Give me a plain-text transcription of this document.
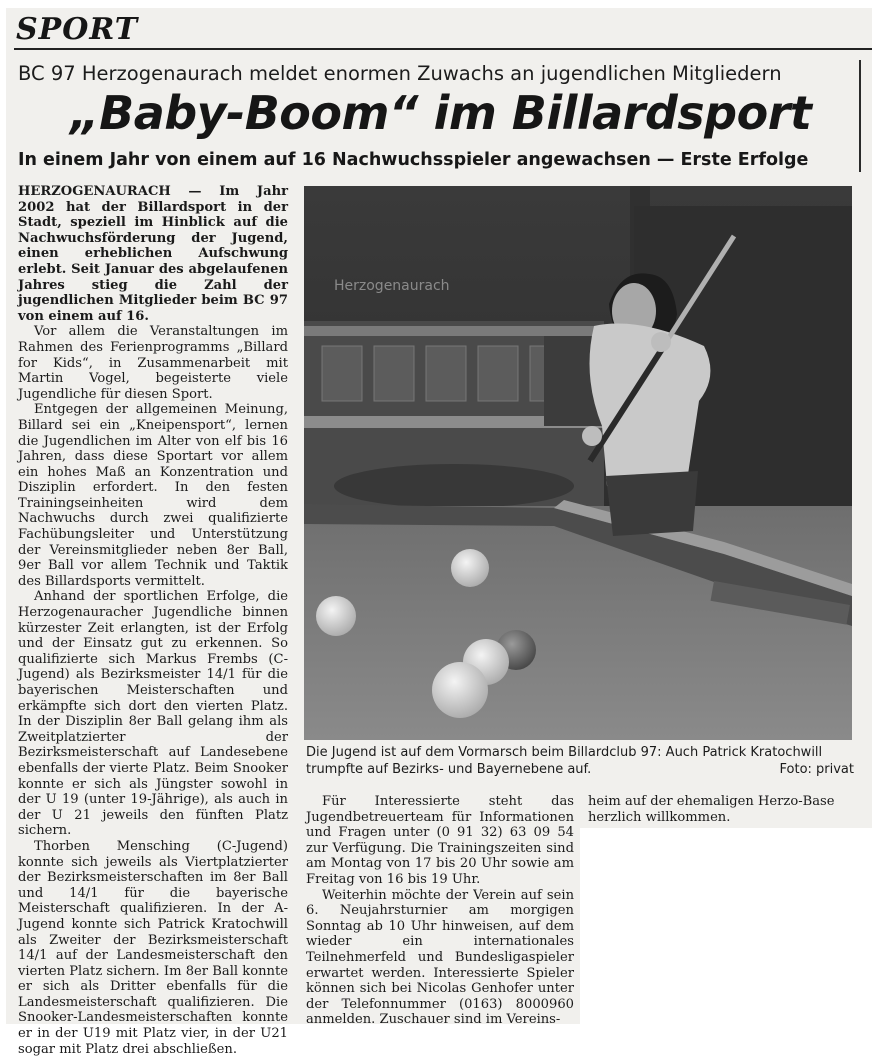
SPORT
BC 97 Herzogenaurach meldet enormen Zuwachs an jugendlichen Mitgliedern
„Baby-Boom“ im Billardsport
In einem Jahr von einem auf 16 Nachwuchsspieler angewachsen — Erste Erfolge

HERZOGENAURACH — Im Jahr 2002 hat der Billardsport in der Stadt, speziell im Hinblick auf die Nachwuchsförderung der Jugend, einen erheblichen Aufschwung erlebt. Seit Januar des abgelaufenen Jahres stieg die Zahl der jugendlichen Mitglieder beim BC 97 von einem auf 16.

Vor allem die Veranstaltungen im Rahmen des Ferienprogramms „Billard for Kids“, in Zusammenarbeit mit Martin Vogel, begeisterte viele Jugendliche für diesen Sport.

Entgegen der allgemeinen Meinung, Billard sei ein „Kneipensport“, lernen die Jugendlichen im Alter von elf bis 16 Jahren, dass diese Sportart vor allem ein hohes Maß an Konzentration und Disziplin erfordert. In den festen Trainingseinheiten wird dem Nachwuchs durch zwei qualifizierte Fachübungsleiter und Unterstützung der Vereinsmitglieder neben 8er Ball, 9er Ball vor allem Technik und Taktik des Billardsports vermittelt.

Anhand der sportlichen Erfolge, die Herzogenauracher Jugendliche binnen kürzester Zeit erlangten, ist der Erfolg und der Einsatz gut zu erkennen. So qualifizierte sich Markus Frembs (C-Jugend) als Bezirksmeister 14/1 für die bayerischen Meisterschaften und erkämpfte sich dort den vierten Platz. In der Disziplin 8er Ball gelang ihm als Zweitplatzierter der Bezirksmeisterschaft auf Landesebene ebenfalls der vierte Platz. Beim Snooker konnte er sich als Jüngster sowohl in der U 19 (unter 19-Jährige), als auch in der U 21 jeweils den fünften Platz sichern.

Thorben Mensching (C-Jugend) konnte sich jeweils als Viertplatzierter der Bezirksmeisterschaften im 8er Ball und 14/1 für die bayerische Meisterschaft qualifizieren. In der A-Jugend konnte sich Patrick Kratochwill als Zweiter der Bezirksmeisterschaft 14/1 auf der Landesmeisterschaft den vierten Platz sichern. Im 8er Ball konnte er sich als Dritter ebenfalls für die Landesmeisterschaft qualifizieren. Die Snooker-Landesmeisterschaften konnte er in der U19 mit Platz vier, in der U21 sogar mit Platz drei abschließen.

Herzogenaurach
Die Jugend ist auf dem Vormarsch beim Billardclub 97: Auch Patrick Kratochwill trumpfte auf Bezirks- und Bayernebene auf.	Foto: privat

Für Interessierte steht das Jugendbetreuerteam für Informationen und Fragen unter (0 91 32) 63 09 54 zur Verfügung. Die Trainingszeiten sind am Montag von 17 bis 20 Uhr sowie am Freitag von 16 bis 19 Uhr.

Weiterhin möchte der Verein auf sein 6. Neujahrsturnier am morgigen Sonntag ab 10 Uhr hinweisen, auf dem wieder ein internationales Teilnehmerfeld und Bundesligaspieler erwartet werden. Interessierte Spieler können sich bei Nicolas Genhofer unter der Telefonnummer (0163) 8000960 anmelden. Zuschauer sind im Vereins-

heim auf der ehemaligen Herzo-Base herzlich willkommen.
